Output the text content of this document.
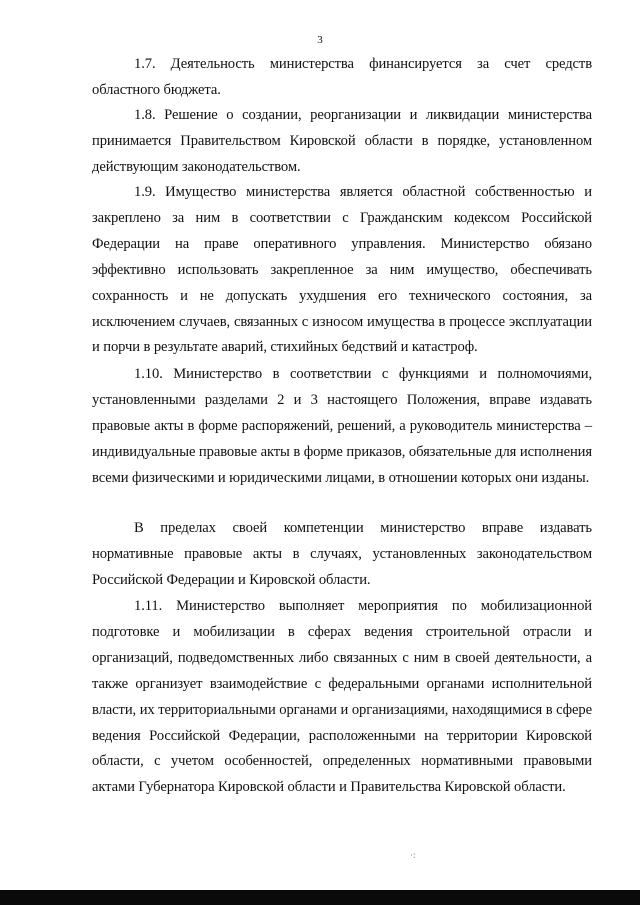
3

1.7. Деятельность министерства финансируется за счет средств областного бюджета.

1.8. Решение о создании, реорганизации и ликвидации министерства принимается Правительством Кировской области в порядке, установленном действующим законодательством.

1.9. Имущество министерства является областной собственностью и закреплено за ним в соответствии с Гражданским кодексом Российской Федерации на праве оперативного управления. Министерство обязано эффективно использовать закрепленное за ним имущество, обеспечивать сохранность и не допускать ухудшения его технического состояния, за исключением случаев, связанных с износом имущества в процессе эксплуатации и порчи в результате аварий, стихийных бедствий и катастроф.

1.10. Министерство в соответствии с функциями и полномочиями, установленными разделами 2 и 3 настоящего Положения, вправе издавать правовые акты в форме распоряжений, решений, а руководитель министерства – индивидуальные правовые акты в форме приказов, обязательные для исполнения всеми физическими и юридическими лицами, в отношении которых они изданы.

В пределах своей компетенции министерство вправе издавать нормативные правовые акты в случаях, установленных законодательством Российской Федерации и Кировской области.

1.11. Министерство выполняет мероприятия по мобилизационной подготовке и мобилизации в сферах ведения строительной отрасли и организаций, подведомственных либо связанных с ним в своей деятельности, а также организует взаимодействие с федеральными органами исполнительной власти, их территориальными органами и организациями, находящимися в сфере ведения Российской Федерации, расположенными на территории Кировской области, с учетом особенностей, определенных нормативными правовыми актами Губернатора Кировской области и Правительства Кировской области.

·:
